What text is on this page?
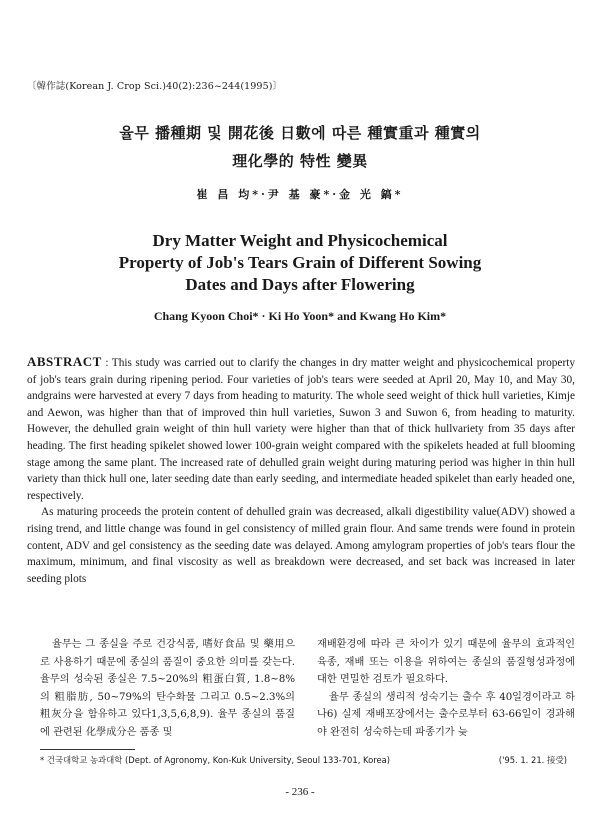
〔韓作誌(Korean J. Crop Sci.)40(2):236~244(1995)〕
율무 播種期 및 開花後 日數에 따른 種實重과 種實의
理化學的 特性 變異
崔 昌 均*·尹 基 豪*·金 光 鎬*
Dry Matter Weight and Physicochemical
Property of Job's Tears Grain of Different Sowing
Dates and Days after Flowering
Chang Kyoon Choi* · Ki Ho Yoon* and Kwang Ho Kim*

ABSTRACT : This study was carried out to clarify the changes in dry matter weight and physicochemical property of job's tears grain during ripening period. Four varieties of job's tears were seeded at April 20, May 10, and May 30, andgrains were harvested at every 7 days from heading to maturity. The whole seed weight of thick hull varieties, Kimje and Aewon, was higher than that of improved thin hull varieties, Suwon 3 and Suwon 6, from heading to maturity. However, the dehulled grain weight of thin hull variety were higher than that of thick hullvariety from 35 days after heading. The first heading spikelet showed lower 100-grain weight compared with the spikelets headed at full blooming stage among the same plant. The increased rate of dehulled grain weight during maturing period was higher in thin hull variety than thick hull one, later seeding date than early seeding, and intermediate headed spikelet than early headed one, respectively.

As maturing proceeds the protein content of dehulled grain was decreased, alkali digestibility value(ADV) showed a rising trend, and little change was found in gel consistency of milled grain flour. And same trends were found in protein content, ADV and gel consistency as the seeding date was delayed. Among amylogram properties of job's tears flour the maximum, minimum, and final viscosity as well as breakdown were decreased, and set back was increased in later seeding plots

율무는 그 종실을 주로 건강식품, 嗜好食品 및 藥用으로 사용하기 때문에 종실의 품질이 중요한 의미를 갖는다. 율무의 성숙된 종실은 7.5~20%의 粗蛋白質, 1.8~8%의 粗脂肪, 50~79%의 탄수화물 그리고 0.5~2.3%의 粗灰分을 함유하고 있다1,3,5,6,8,9). 율무 종실의 품질에 관련된 化學成分은 품종 및

재배환경에 따라 큰 차이가 있기 때문에 율무의 효과적인 육종, 재배 또는 이용을 위하여는 종실의 품질형성과정에 대한 면밀한 검토가 필요하다.

율무 종실의 생리적 성숙기는 출수 후 40일경이라고 하나6) 실제 재배포장에서는 출수로부터 63-66일이 경과해야 완전히 성숙하는데 파종기가 늦

* 건국대학교 농과대학 (Dept. of Agronomy, Kon-Kuk University, Seoul 133-701, Korea)	('95. 1. 21. 接受)
- 236 -
